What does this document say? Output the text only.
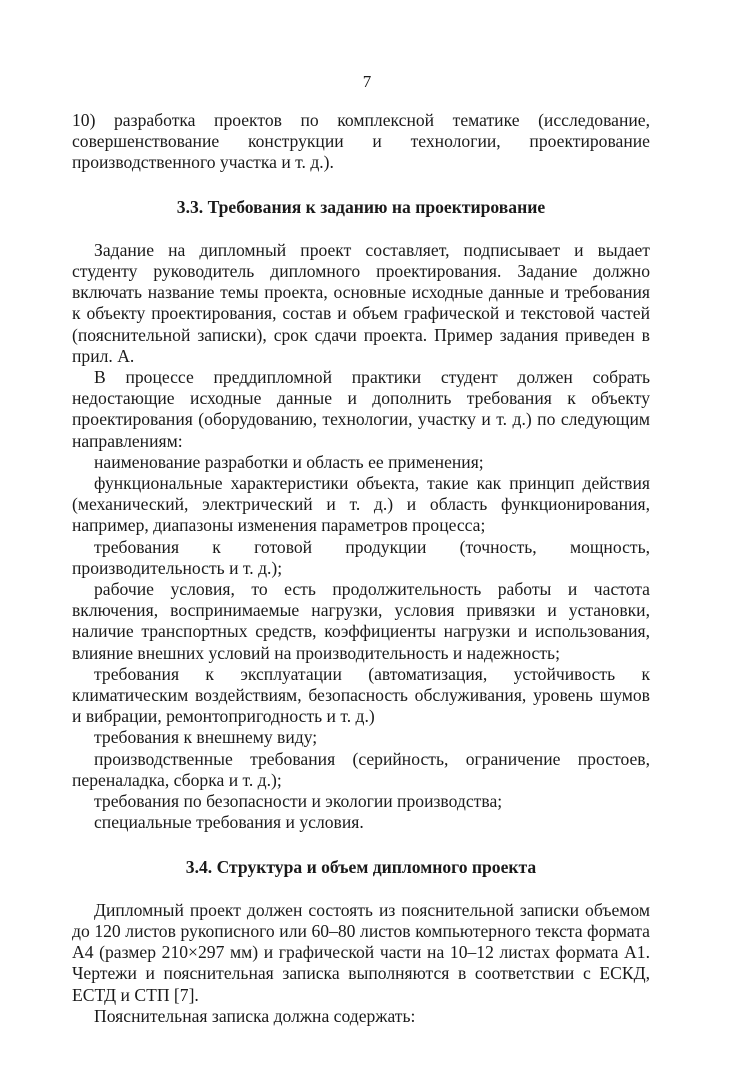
7

10) разработка проектов по комплексной тематике (исследование, совершенствование конструкции и технологии, проектирование производственного участка и т. д.).

3.3. Требования к заданию на проектирование

Задание на дипломный проект составляет, подписывает и выдает студенту руководитель дипломного проектирования. Задание должно включать название темы проекта, основные исходные данные и требования к объекту проектирования, состав и объем графической и текстовой частей (пояснительной записки), срок сдачи проекта. Пример задания приведен в прил. А.

В процессе преддипломной практики студент должен собрать недостающие исходные данные и дополнить требования к объекту проектирования (оборудованию, технологии, участку и т. д.) по следующим направлениям:

наименование разработки и область ее применения;

функциональные характеристики объекта, такие как принцип действия (механический, электрический и т. д.) и область функционирования, например, диапазоны изменения параметров процесса;

требования к готовой продукции (точность, мощность, производительность и т. д.);

рабочие условия, то есть продолжительность работы и частота включения, воспринимаемые нагрузки, условия привязки и установки, наличие транспортных средств, коэффициенты нагрузки и использования, влияние внешних условий на производительность и надежность;

требования к эксплуатации (автоматизация, устойчивость к климатическим воздействиям, безопасность обслуживания, уровень шумов и вибрации, ремонтопригодность и т. д.)

требования к внешнему виду;

производственные требования (серийность, ограничение простоев, переналадка, сборка и т. д.);

требования по безопасности и экологии производства;

специальные требования и условия.

3.4. Структура и объем дипломного проекта

Дипломный проект должен состоять из пояснительной записки объемом до 120 листов рукописного или 60–80 листов компьютерного текста формата А4 (размер 210×297 мм) и графической части на 10–12 листах формата А1. Чертежи и пояснительная записка выполняются в соответствии с ЕСКД, ЕСТД и СТП [7].

Пояснительная записка должна содержать:
